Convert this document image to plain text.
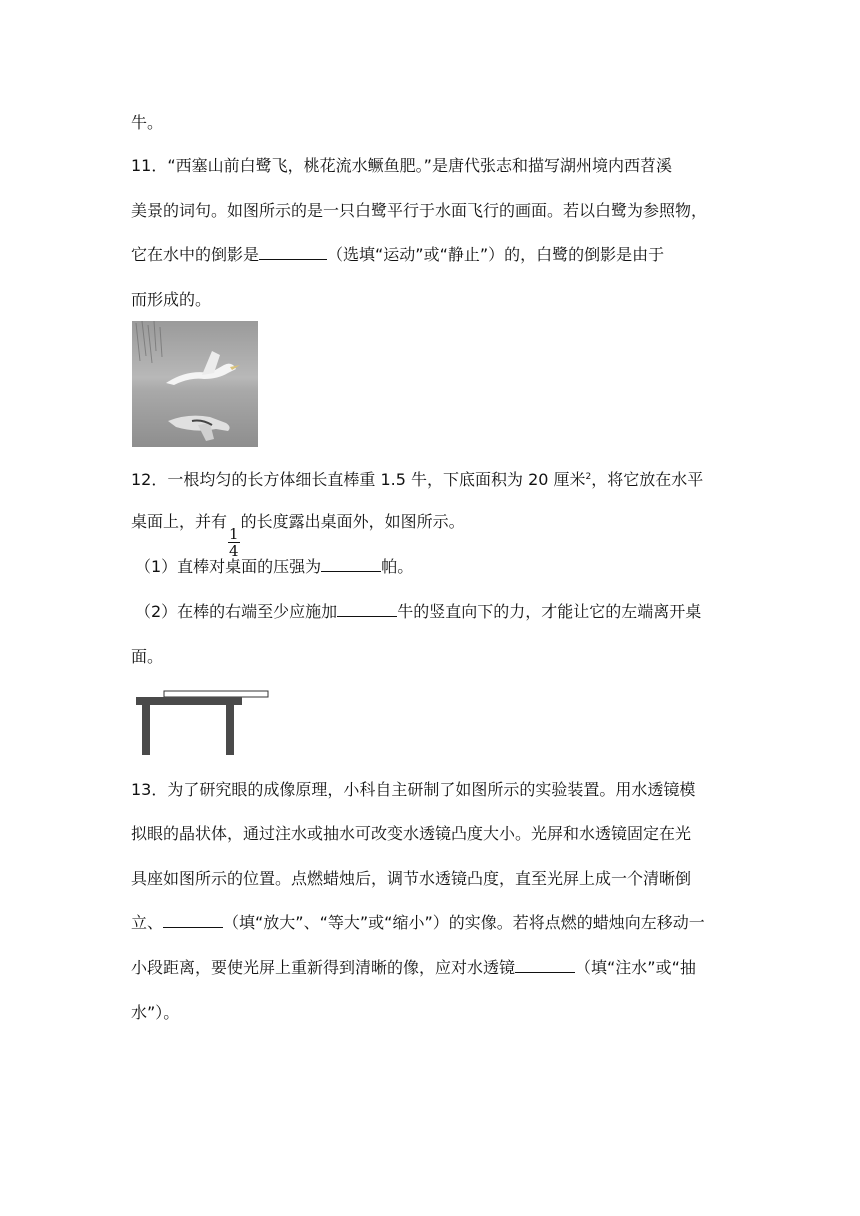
牛。
11．“西塞山前白鹭飞，桃花流水鳜鱼肥。”是唐代张志和描写湖州境内西苕溪
美景的词句。如图所示的是一只白鹭平行于水面飞行的画面。若以白鹭为参照物，
它在水中的倒影是	（选填“运动”或“静止”）的，白鹭的倒影是由于
而形成的。
12．一根均匀的长方体细长直棒重 1.5 牛，下底面积为 20 厘米$^2$，将它放在水平
桌面上，并有
$\frac{1}{4}$
的长度露出桌面外，如图所示。
（1）直棒对桌面的压强为	帕。
（2）在棒的右端至少应施加	牛的竖直向下的力，才能让它的左端离开桌
面。
13．为了研究眼的成像原理，小科自主研制了如图所示的实验装置。用水透镜模
拟眼的晶状体，通过注水或抽水可改变水透镜凸度大小。光屏和水透镜固定在光
具座如图所示的位置。点燃蜡烛后，调节水透镜凸度，直至光屏上成一个清晰倒
立、	（填“放大”、“等大”或“缩小”）的实像。若将点燃的蜡烛向左移动一
小段距离，要使光屏上重新得到清晰的像，应对水透镜	（填“注水”或“抽
水”）。
